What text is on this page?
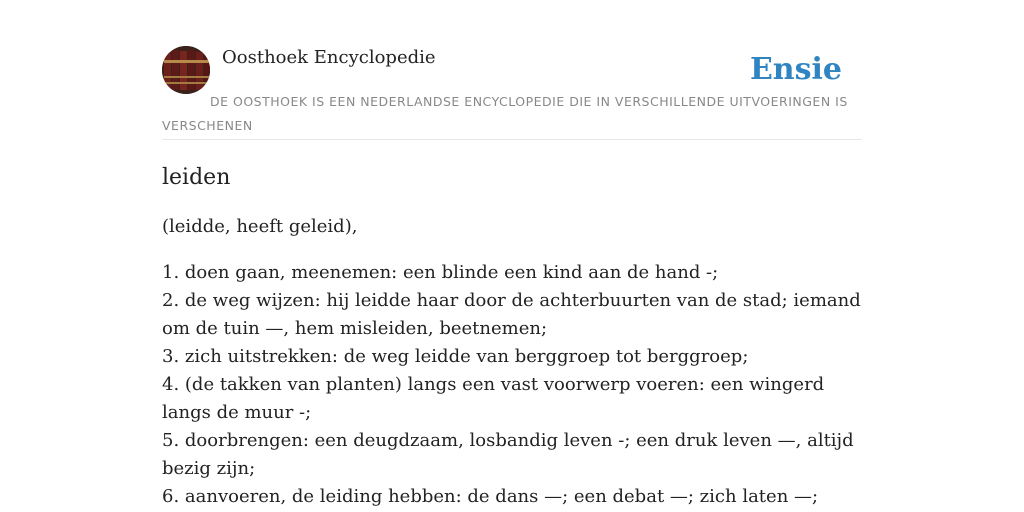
Oosthoek Encyclopedie	Ensie
DE OOSTHOEK IS EEN NEDERLANDSE ENCYCLOPEDIE DIE IN VERSCHILLENDE UITVOERINGEN IS VERSCHENEN
leiden

(leidde, heeft geleid),

1. doen gaan, meenemen: een blinde een kind aan de hand -;
2. de weg wijzen: hij leidde haar door de achterbuurten van de stad; iemand om de tuin —, hem misleiden, beetnemen;
3. zich uitstrekken: de weg leidde van berggroep tot berggroep;
4. (de takken van planten) langs een vast voorwerp voeren: een wingerd langs de muur -;
5. doorbrengen: een deugdzaam, losbandig leven -; een druk leven —, altijd bezig zijn;
6. aanvoeren, de leiding hebben: de dans —; een debat —; zich laten —;
